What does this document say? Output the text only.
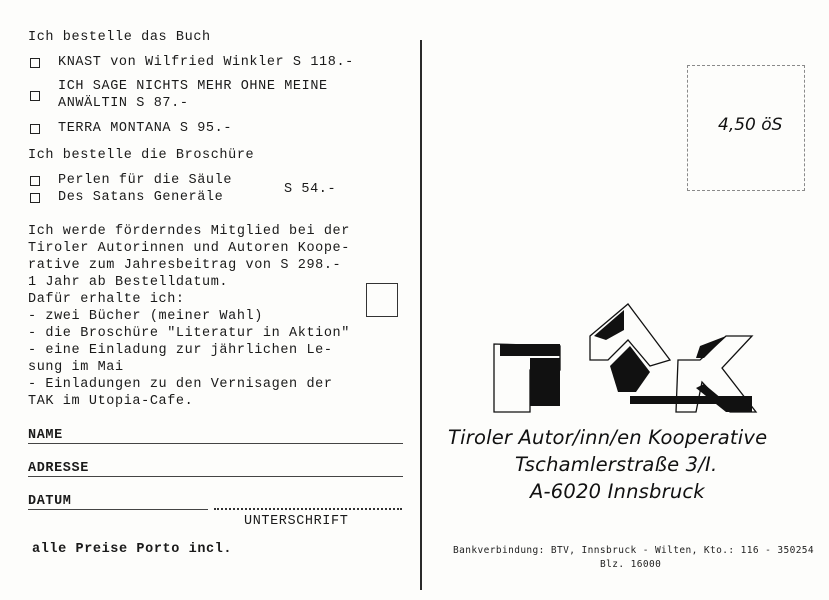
Ich bestelle das Buch
KNAST von Wilfried Winkler S 118.-
ICH SAGE NICHTS MEHR OHNE MEINE
ANWÄLTIN S 87.-
TERRA MONTANA S 95.-
Ich bestelle die Broschüre
Perlen für die Säule
Des Satans Generäle
S 54.-
Ich werde förderndes Mitglied bei der
Tiroler Autorinnen und Autoren Koope-
rative zum Jahresbeitrag von S 298.-
1 Jahr ab Bestelldatum.
Dafür erhalte ich:
- zwei Bücher (meiner Wahl)
- die Broschüre "Literatur in Aktion"
- eine Einladung zur jährlichen Le-
sung im Mai
- Einladungen zu den Vernisagen der
TAK im Utopia-Cafe.
NAME
ADRESSE
DATUM
UNTERSCHRIFT
alle Preise Porto incl.
4,50 öS
Tiroler Autor/inn/en Kooperative
Tschamlerstraße 3/I.
A-6020 Innsbruck
Bankverbindung: BTV, Innsbruck - Wilten, Kto.: 116 - 350254
Blz. 16000
